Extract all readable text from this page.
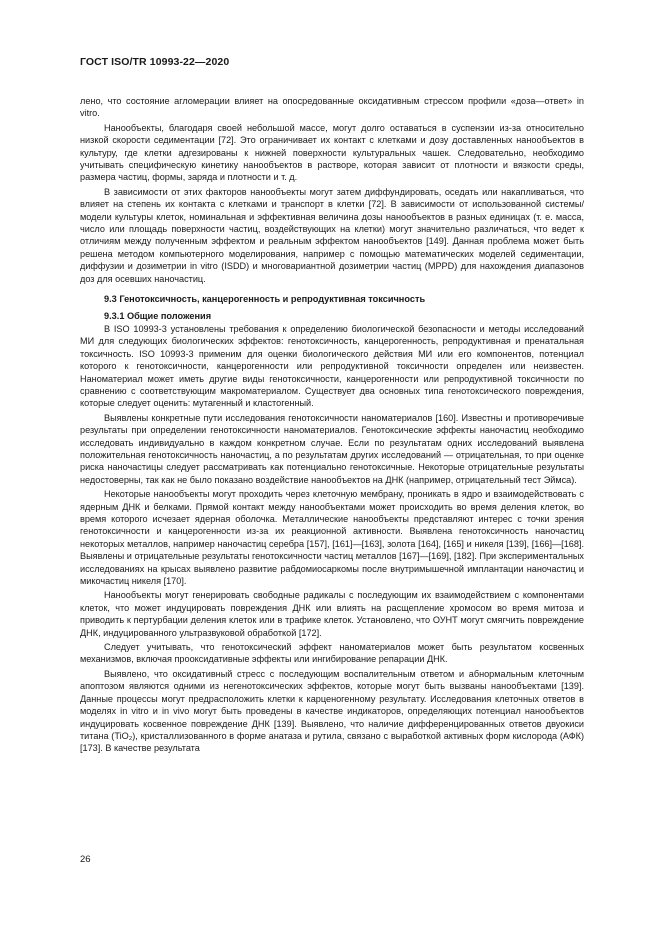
ГОСТ ISO/TR 10993-22—2020

лено, что состояние агломерации влияет на опосредованные оксидативным стрессом профили «доза—ответ» in vitro.

Нанообъекты, благодаря своей небольшой массе, могут долго оставаться в суспензии из-за относительно низкой скорости седиментации [72]. Это ограничивает их контакт с клетками и дозу доставленных нанообъектов в культуру, где клетки адгезированы к нижней поверхности культуральных чашек. Следовательно, необходимо учитывать специфическую кинетику нанообъектов в растворе, которая зависит от плотности и вязкости среды, размера частиц, формы, заряда и плотности и т. д.

В зависимости от этих факторов нанообъекты могут затем диффундировать, оседать или накапливаться, что влияет на степень их контакта с клетками и транспорт в клетки [72]. В зависимости от использованной системы/модели культуры клеток, номинальная и эффективная величина дозы нанообъектов в разных единицах (т. е. масса, число или площадь поверхности частиц, воздействующих на клетки) могут значительно различаться, что ведет к отличиям между полученным эффектом и реальным эффектом нанообъектов [149]. Данная проблема может быть решена методом компьютерного моделирования, например с помощью математических моделей седиментации, диффузии и дозиметрии in vitro (ISDD) и многовариантной дозиметрии частиц (MPPD) для нахождения диапазонов доз для осевших наночастиц.

9.3 Генотоксичность, канцерогенность и репродуктивная токсичность
9.3.1 Общие положения

В ISO 10993-3 установлены требования к определению биологической безопасности и методы исследований МИ для следующих биологических эффектов: генотоксичность, канцерогенность, репродуктивная и пренатальная токсичность. ISO 10993-3 применим для оценки биологического действия МИ или его компонентов, потенциал которого к генотоксичности, канцерогенности или репродуктивной токсичности определен или неизвестен. Наноматериал может иметь другие виды генотоксичности, канцерогенности или репродуктивной токсичности по сравнению с соответствующим макроматериалом. Существует два основных типа генотоксического повреждения, которые следует оценить: мутагенный и кластогенный.

Выявлены конкретные пути исследования генотоксичности наноматериалов [160]. Известны и противоречивые результаты при определении генотоксичности наноматериалов. Генотоксические эффекты наночастиц необходимо исследовать индивидуально в каждом конкретном случае. Если по результатам одних исследований выявлена положительная генотоксичность наночастиц, а по результатам других исследований — отрицательная, то при оценке риска наночастицы следует рассматривать как потенциально генотоксичные. Некоторые отрицательные результаты недостоверны, так как не было показано воздействие нанообъектов на ДНК (например, отрицательный тест Эймса).

Некоторые нанообъекты могут проходить через клеточную мембрану, проникать в ядро и взаимодействовать с ядерным ДНК и белками. Прямой контакт между нанообъектами может происходить во время деления клеток, во время которого исчезает ядерная оболочка. Металлические нанообъекты представляют интерес с точки зрения генотоксичности и канцерогенности из-за их реакционной активности. Выявлена генотоксичность наночастиц некоторых металлов, например наночастиц серебра [157], [161]—[163], золота [164], [165] и никеля [139], [166]—[168]. Выявлены и отрицательные результаты генотоксичности частиц металлов [167]—[169], [182]. При экспериментальных исследованиях на крысах выявлено развитие рабдомиосаркомы после внутримышечной имплантации наночастиц и микочастиц никеля [170].

Нанообъекты могут генерировать свободные радикалы с последующим их взаимодействием с компонентами клеток, что может индуцировать повреждения ДНК или влиять на расщепление хромосом во время митоза и приводить к пертурбации деления клеток или в трафике клеток. Установлено, что ОУНТ могут смягчить повреждение ДНК, индуцированного ультразвуковой обработкой [172].

Следует учитывать, что генотоксический эффект наноматериалов может быть результатом косвенных механизмов, включая прооксидативные эффекты или ингибирование репарации ДНК.

Выявлено, что оксидативный стресс с последующим воспалительным ответом и абнормальным клеточным апоптозом являются одними из негенотоксических эффектов, которые могут быть вызваны нанообъектами [139]. Данные процессы могут предрасположить клетки к карценогенному результату. Исследования клеточных ответов в моделях in vitro и in vivo могут быть проведены в качестве индикаторов, определяющих потенциал нанообъектов индуцировать косвенное повреждение ДНК [139]. Выявлено, что наличие дифференцированных ответов двуокиси титана (TiO₂), кристаллизованного в форме анатаза и рутила, связано с выработкой активных форм кислорода (АФК) [173]. В качестве результата

26
